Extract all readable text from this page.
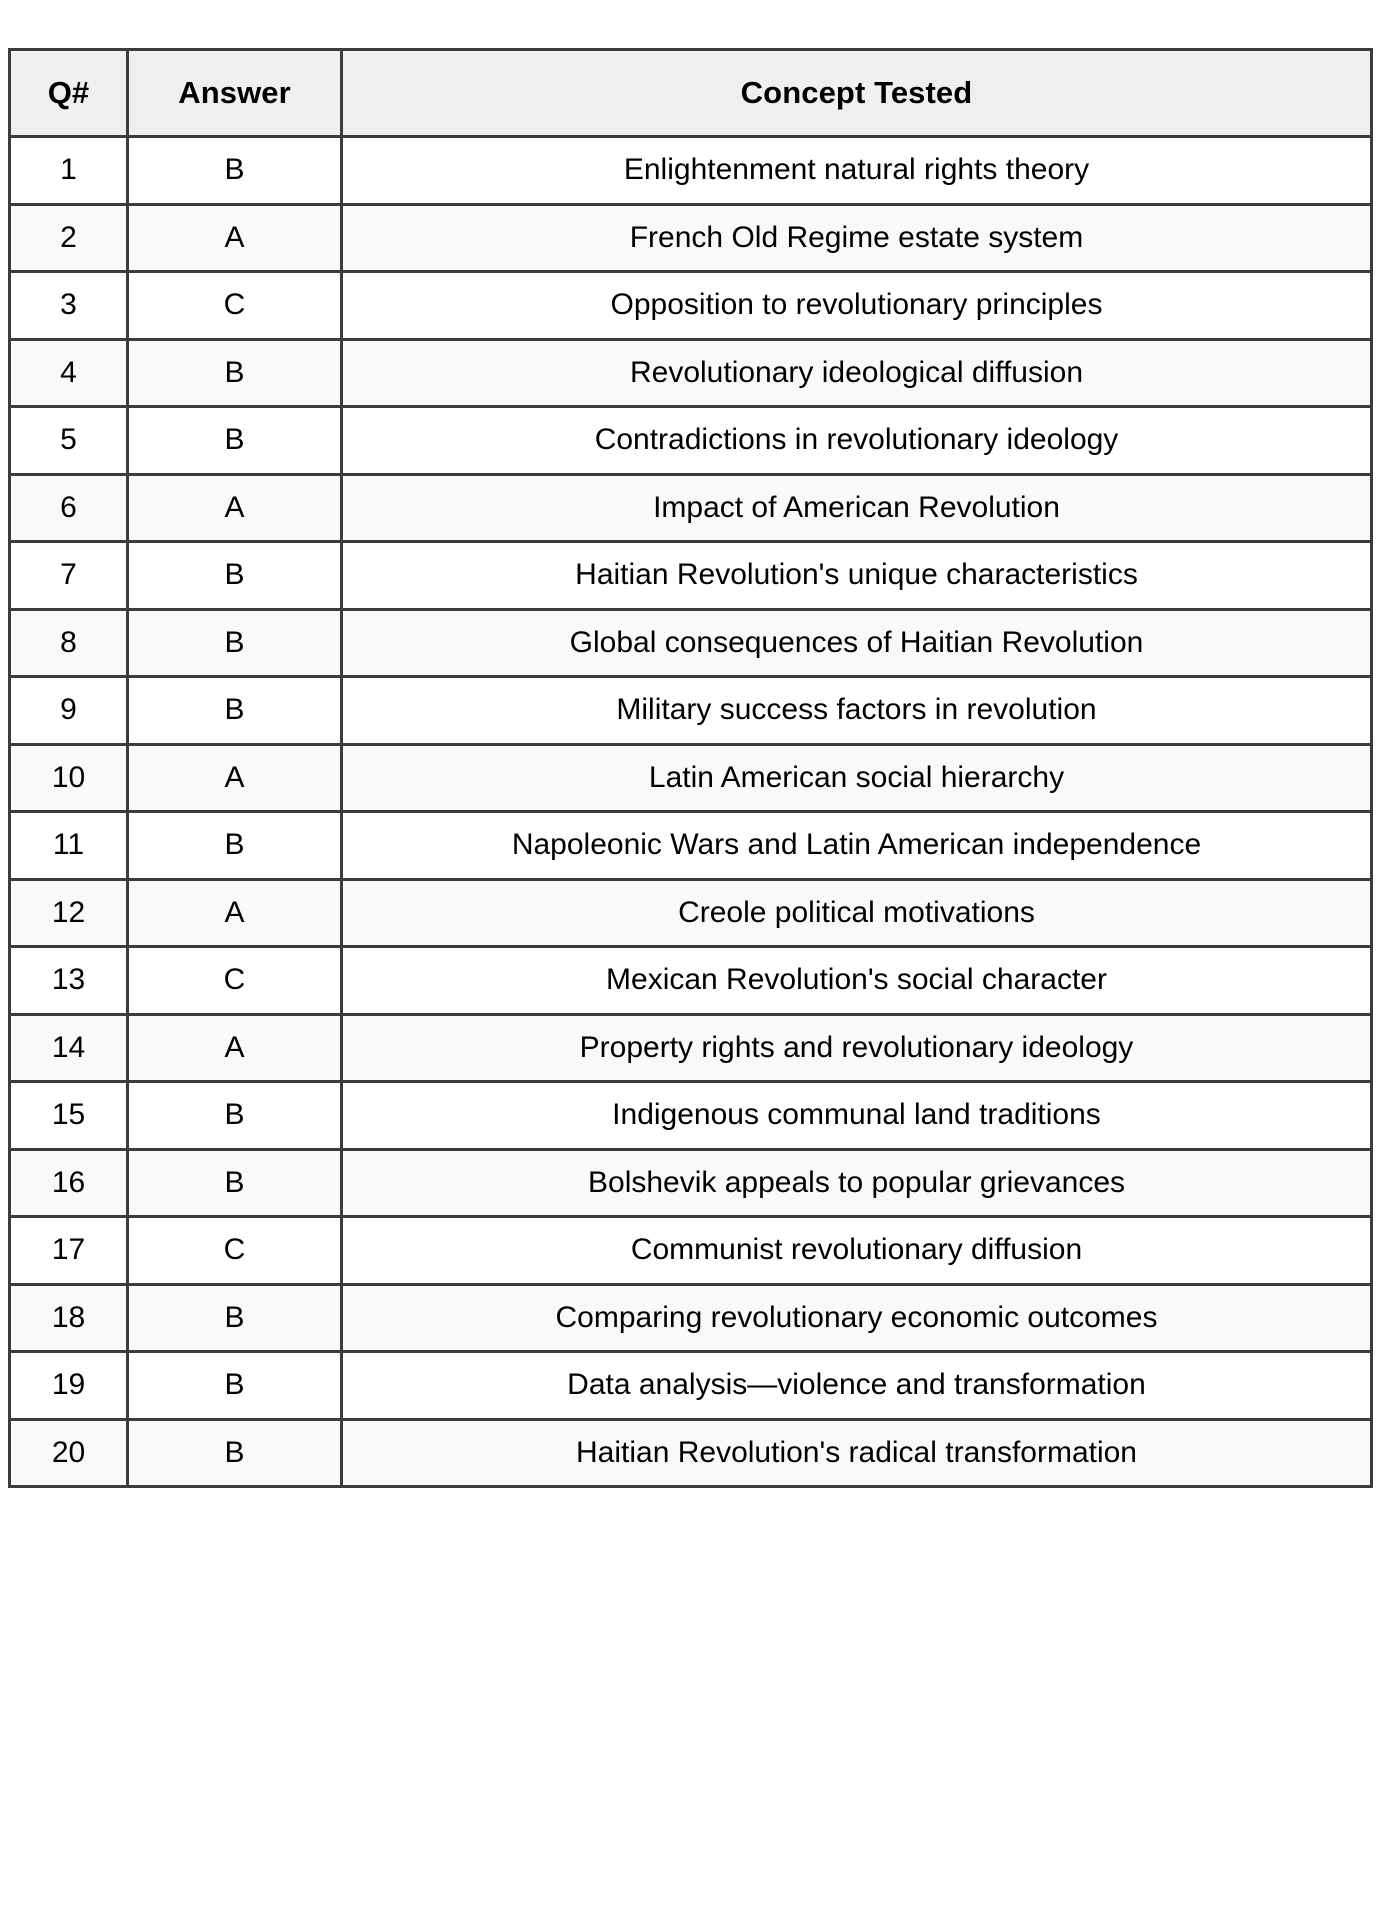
Q#	Answer	Concept Tested
1	B	Enlightenment natural rights theory
2	A	French Old Regime estate system
3	C	Opposition to revolutionary principles
4	B	Revolutionary ideological diffusion
5	B	Contradictions in revolutionary ideology
6	A	Impact of American Revolution
7	B	Haitian Revolution's unique characteristics
8	B	Global consequences of Haitian Revolution
9	B	Military success factors in revolution
10	A	Latin American social hierarchy
11	B	Napoleonic Wars and Latin American independence
12	A	Creole political motivations
13	C	Mexican Revolution's social character
14	A	Property rights and revolutionary ideology
15	B	Indigenous communal land traditions
16	B	Bolshevik appeals to popular grievances
17	C	Communist revolutionary diffusion
18	B	Comparing revolutionary economic outcomes
19	B	Data analysis—violence and transformation
20	B	Haitian Revolution's radical transformation
